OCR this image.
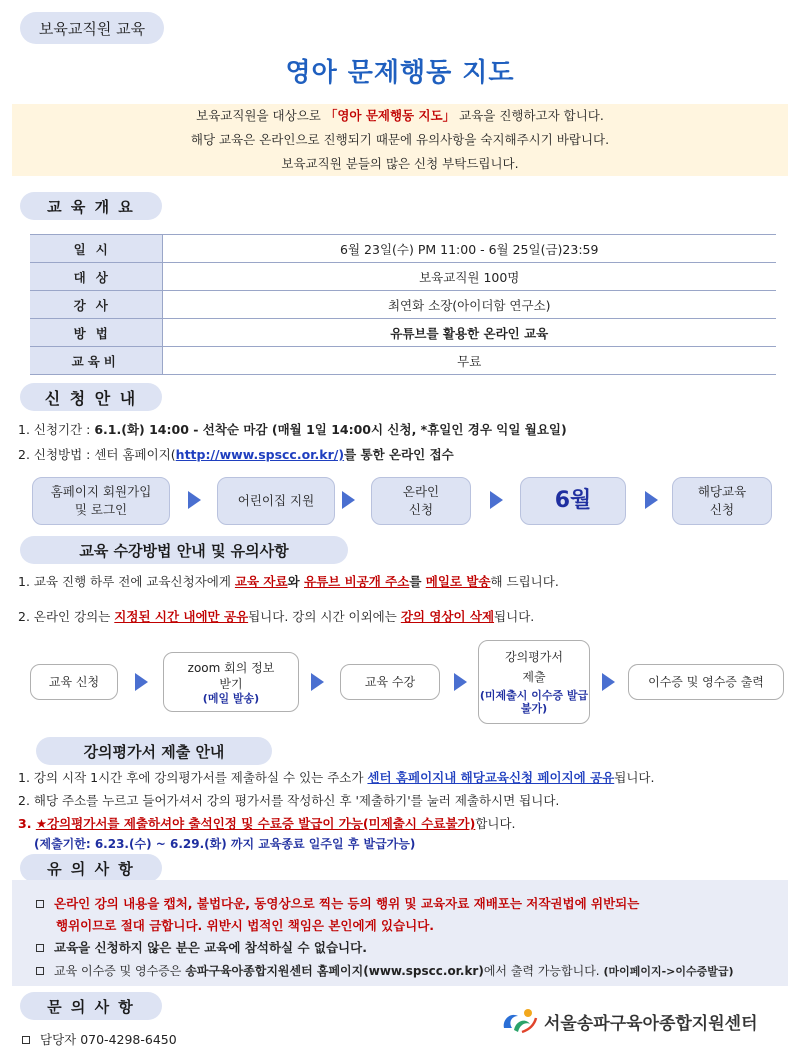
보육교직원 교육
영아 문제행동 지도
보육교직원을 대상으로 「영아 문제행동 지도」 교육을 진행하고자 합니다.
해당 교육은 온라인으로 진행되기 때문에 유의사항을 숙지해주시기 바랍니다.
보육교직원 분들의 많은 신청 부탁드립니다.
교 육 개 요
일시	6월 23일(수) PM 11:00 - 6월 25일(금)23:59
대상	보육교직원 100명
강사	최연화 소장(아이더함 연구소)
방법	유튜브를 활용한 온라인 교육
교육비	무료
신 청 안 내
1. 신청기간 : 6.1.(화) 14:00 - 선착순 마감 (매월 1일 14:00시 신청, *휴일인 경우 익일 월요일)
2. 신청방법 : 센터 홈페이지(http://www.spscc.or.kr/)를 통한 온라인 접수
홈페이지 회원가입
및 로그인
어린이집 지원
온라인
신청	6월	해당교육
신청
교육 수강방법 안내 및 유의사항
1. 교육 진행 하루 전에 교육신청자에게 교육 자료와 유튜브 비공개 주소를 메일로 발송해 드립니다.
2. 온라인 강의는 지정된 시간 내에만 공유됩니다. 강의 시간 이외에는 강의 영상이 삭제됩니다.
교육 신청
zoom 회의 정보
받기
(메일 발송)
교육 수강
강의평가서
제출
(미제출시 이수증 발급 불가)
이수증 및 영수증 출력
강의평가서 제출 안내
1. 강의 시작 1시간 후에 강의평가서를 제출하실 수 있는 주소가 센터 홈페이지내 해당교육신청 페이지에 공유됩니다.
2. 해당 주소를 누르고 들어가셔서 강의 평가서를 작성하신 후 '제출하기'를 눌러 제출하시면 됩니다.
3. ★강의평가서를 제출하셔야 출석인정 및 수료증 발급이 가능(미제출시 수료불가)합니다.
(제출기한: 6.23.(수) ~ 6.29.(화) 까지 교육종료 일주일 후 발급가능)
유 의 사 항
온라인 강의 내용을 캡처, 불법다운, 동영상으로 찍는 등의 행위 및 교육자료 재배포는 저작권법에 위반되는
행위이므로 절대 금합니다. 위반시 법적인 책임은 본인에게 있습니다.
교육을 신청하지 않은 분은 교육에 참석하실 수 없습니다.
교육 이수증 및 영수증은 송파구육아종합지원센터 홈페이지(www.spscc.or.kr)에서 출력 가능합니다. (마이페이지->이수증발급)
문 의 사 항
담당자 070-4298-6450
서울송파구육아종합지원센터
